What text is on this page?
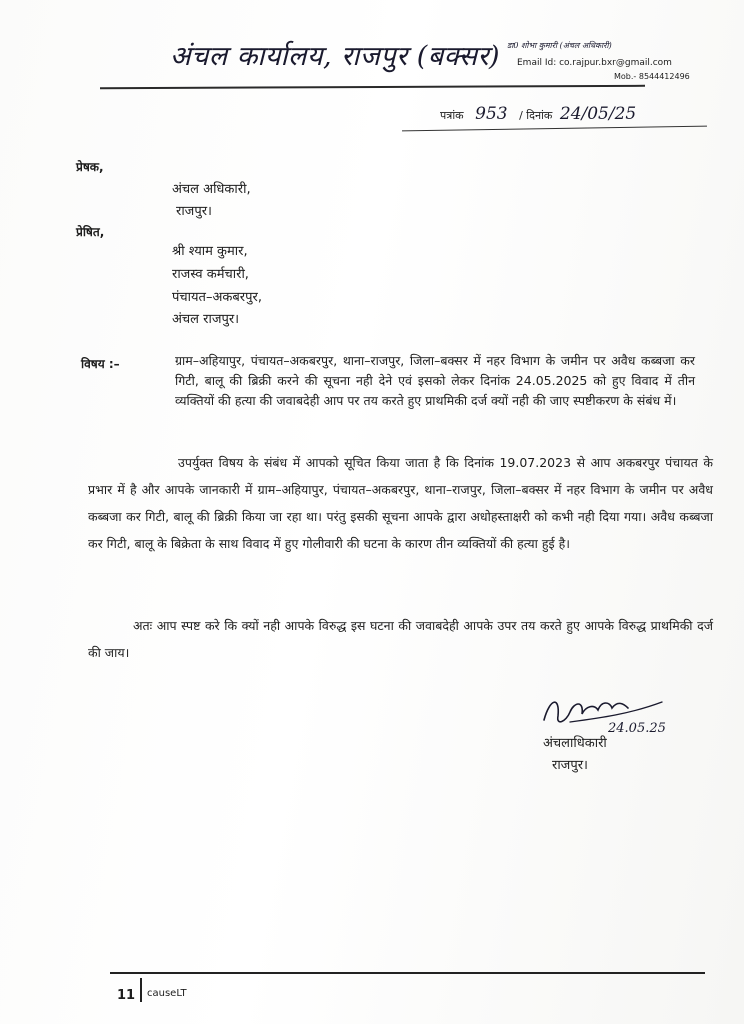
अंचल कार्यालय, राजपुर (बक्सर) डा0 शोभा कुमारी (अंचल अधिकारी)
Email Id: co.rajpur.bxr@gmail.com
Mob.- 8544412496
पत्रांक 953 / दिनांक 24/05/25
प्रेषक,
अंचल अधिकारी,
राजपुर।
प्रेषित,
श्री श्याम कुमार,
राजस्व कर्मचारी,
पंचायत–अकबरपुर,
अंचल राजपुर।
विषय :–	ग्राम–अहियापुर, पंचायत–अकबरपुर, थाना–राजपुर, जिला–बक्सर में नहर विभाग के जमीन पर अवैध कब्बजा कर गिटी, बालू की ब्रिक्री करने की सूचना नही देने एवं इसको लेकर दिनांक 24.05.2025 को हुए विवाद में तीन व्यक्तियों की हत्या की जवाबदेही आप पर तय करते हुए प्राथमिकी दर्ज क्यों नही की जाए स्पष्टीकरण के संबंध में।
उपर्युक्त विषय के संबंध में आपको सूचित किया जाता है कि दिनांक 19.07.2023 से आप अकबरपुर पंचायत के प्रभार में है और आपके जानकारी में ग्राम–अहियापुर, पंचायत–अकबरपुर, थाना–राजपुर, जिला–बक्सर में नहर विभाग के जमीन पर अवैध कब्बजा कर गिटी, बालू की ब्रिक्री किया जा रहा था। परंतु इसकी सूचना आपके द्वारा अधोहस्ताक्षरी को कभी नही दिया गया। अवैध कब्बजा कर गिटी, बालू के बिक्रेता के साथ विवाद में हुए गोलीवारी की घटना के कारण तीन व्यक्तियों की हत्या हुई है।
अतः आप स्पष्ट करे कि क्यों नही आपके विरुद्ध इस घटना की जवाबदेही आपके उपर तय करते हुए आपके विरुद्ध प्राथमिकी दर्ज की जाय।
24.05.25
अंचलाधिकारी
राजपुर।
11 causeLT
